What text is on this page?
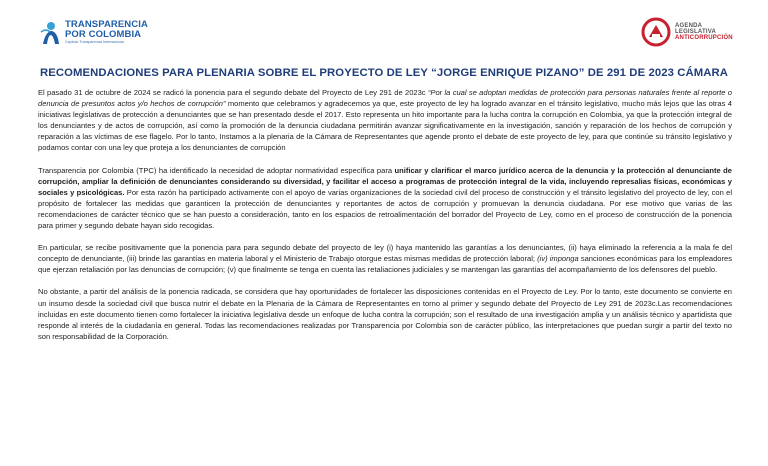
TRANSPARENCIA
POR COLOMBIA
Capítulo Transparencia Internacional
AGENDA
LEGISLATIVA
ANTICORRUPCIÓN
RECOMENDACIONES PARA PLENARIA SOBRE EL PROYECTO DE LEY “JORGE ENRIQUE PIZANO” DE 291 DE 2023 CÁMARA

El pasado 31 de octubre de 2024 se radicó la ponencia para el segundo debate del Proyecto de Ley 291 de 2023c “Por la cual se adoptan medidas de protección para personas naturales frente al reporte o denuncia de presuntos actos y/o hechos de corrupción” momento que celebramos y agradecemos ya que, este proyecto de ley ha logrado avanzar en el tránsito legislativo, mucho más lejos que las otras 4 iniciativas legislativas de protección a denunciantes que se han presentado desde el 2017. Esto representa un hito importante para la lucha contra la corrupción en Colombia, ya que la protección integral de los denunciantes y de actos de corrupción, así como la promoción de la denuncia ciudadana permitirán avanzar significativamente en la investigación, sanción y reparación de los hechos de corrupción y reparación a las víctimas de ese flagelo. Por lo tanto, Instamos a la plenaria de la Cámara de Representantes que agende pronto el debate de este proyecto de ley, para que continúe su tránsito legislativo y podamos contar con una ley que proteja a los denunciantes de corrupción

Transparencia por Colombia (TPC) ha identificado la necesidad de adoptar normatividad específica para unificar y clarificar el marco jurídico acerca de la denuncia y la protección al denunciante de corrupción, ampliar la definición de denunciantes considerando su diversidad, y facilitar el acceso a programas de protección integral de la vida, incluyendo represalias físicas, económicas y sociales y psicológicas. Por esta razón ha participado activamente con el apoyo de varias organizaciones de la sociedad civil del proceso de construcción y el tránsito legislativo del proyecto de ley, con el propósito de fortalecer las medidas que garanticen la protección de denunciantes y reportantes de actos de corrupción y promuevan la denuncia ciudadana. Por ese motivo que varias de las recomendaciones de carácter técnico que se han puesto a consideración, tanto en los espacios de retroalimentación del borrador del Proyecto de Ley, como en el proceso de construcción de la ponencia para primer y segundo debate hayan sido recogidas.

En particular, se recibe positivamente que la ponencia para para segundo debate del proyecto de ley (i) haya mantenido las garantías a los denunciantes, (ii) haya eliminado la referencia a la mala fe del concepto de denunciante, (iii) brinde las garantías en materia laboral y el Ministerio de Trabajo otorgue estas mismas medidas de protección laboral; (iv) imponga sanciones económicas para los empleadores que ejerzan retaliación por las denuncias de corrupción; (v) que finalmente se tenga en cuenta las retaliaciones judiciales y se mantengan las garantías del acompañamiento de los defensores del pueblo.

No obstante, a partir del análisis de la ponencia radicada, se considera que hay oportunidades de fortalecer las disposiciones contenidas en el Proyecto de Ley. Por lo tanto, este documento se convierte en un insumo desde la sociedad civil que busca nutrir el debate en la Plenaria de la Cámara de Representantes en torno al primer y segundo debate del Proyecto de Ley 291 de 2023c.Las recomendaciones incluidas en este documento tienen como fortalecer la iniciativa legislativa desde un enfoque de lucha contra la corrupción; son el resultado de una investigación amplia y un análisis técnico y apartidista que responde al interés de la ciudadanía en general. Todas las recomendaciones realizadas por Transparencia por Colombia son de carácter público, las interpretaciones que puedan surgir a partir del texto no son responsabilidad de la Corporación.
